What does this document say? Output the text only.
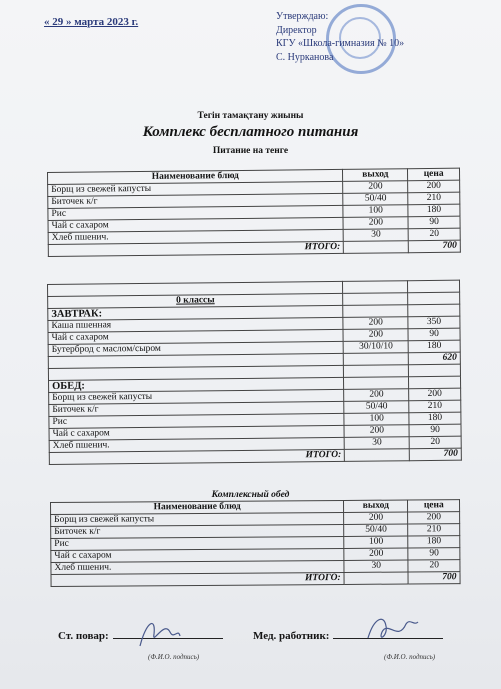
« 29 » марта 2023 г.	Утверждаю:
Директор
КГУ «Школа-гимназия № 10»
С. Нурканова
Тегін тамақтану жиыны
Комплекс бесплатного питания
Питание на тенге
Наименование блюд	выход	цена
Борщ из свежей капусты	200	200
Биточек к/г	50/40	210
Рис	100	180
Чай с сахаром	200	90
Хлеб пшенич.	30	20
ИТОГО:		700

0 классы		
ЗАВТРАК:		
Каша пшенная	200	350
Чай с сахаром	200	90
Бутерброд с маслом/сыром	30/10/10	180
		620

ОБЕД:		
Борщ из свежей капусты	200	200
Биточек к/г	50/40	210
Рис	100	180
Чай с сахаром	200	90
Хлеб пшенич.	30	20
ИТОГО:		700
Комплексный обед
Наименование блюд	выход	цена
Борщ из свежей капусты	200	200
Биточек к/г	50/40	210
Рис	100	180
Чай с сахаром	200	90
Хлеб пшенич.	30	20
ИТОГО:		700
Ст. повар:
(Ф.И.О. подпись)
Мед. работник:
(Ф.И.О. подпись)
